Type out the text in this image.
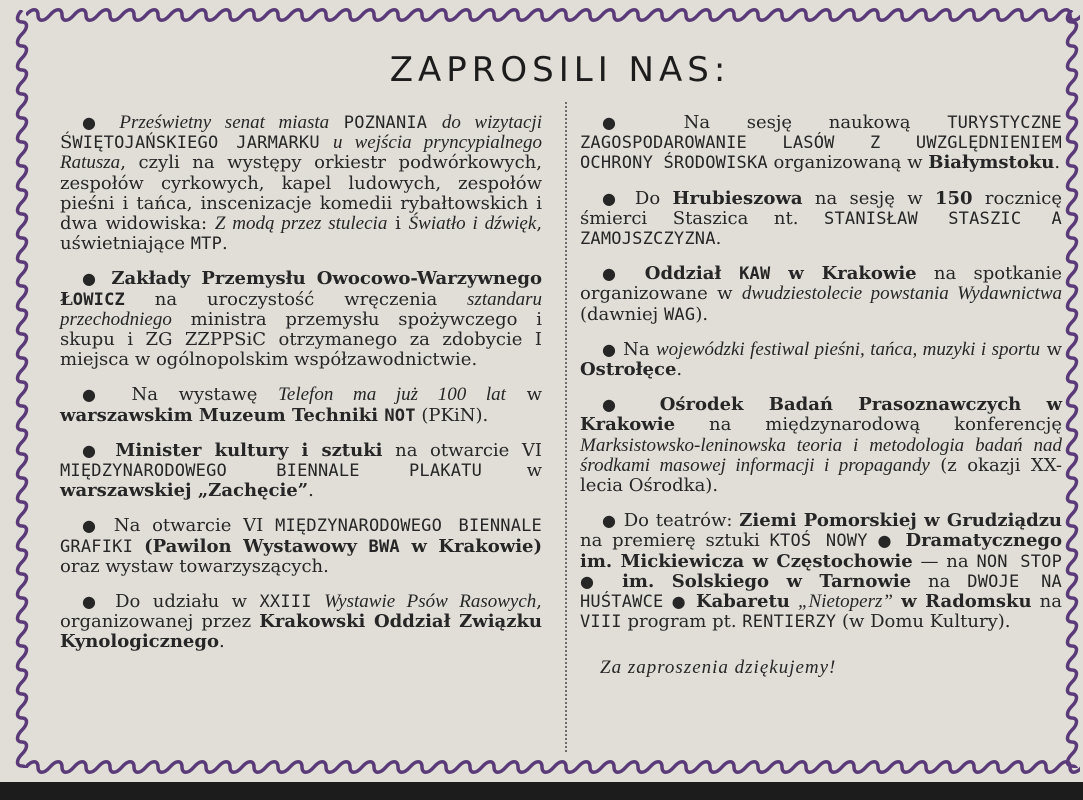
ZAPROSILI NAS:

● Prześwietny senat miasta POZNANIA do wizytacji ŚWIĘTOJAŃSKIEGO JARMARKU u wejścia pryncypialnego Ratusza, czyli na występy orkiestr podwórkowych, zespołów cyrkowych, kapel ludowych, zespołów pieśni i tańca, inscenizacje komedii rybałtowskich i dwa widowiska: Z modą przez stulecia i Światło i dźwięk, uświetniające MTP.

● Zakłady Przemysłu Owocowo-Warzywnego ŁOWICZ na uroczystość wręczenia sztandaru przechodniego ministra przemysłu spożywczego i skupu i ZG ZZPPSiC otrzymanego za zdobycie I miejsca w ogólnopolskim współzawodnictwie.

● Na wystawę Telefon ma już 100 lat w warszawskim Muzeum Techniki NOT (PKiN).

● Minister kultury i sztuki na otwarcie VI MIĘDZYNARODOWEGO BIENNALE PLAKATU w warszawskiej „Zachęcie”.

● Na otwarcie VI MIĘDZYNARODOWEGO BIENNALE GRAFIKI (Pawilon Wystawowy BWA w Krakowie) oraz wystaw towarzyszących.

● Do udziału w XXIII Wystawie Psów Rasowych, organizowanej przez Krakowski Oddział Związku Kynologicznego.

● Na sesję naukową TURYSTYCZNE ZAGOSPODAROWANIE LASÓW Z UWZGLĘDNIENIEM OCHRONY ŚRODOWISKA organizowaną w Białymstoku.

● Do Hrubieszowa na sesję w 150 rocznicę śmierci Staszica nt. STANISŁAW STASZIC A ZAMOJSZCZYZNA.

● Oddział KAW w Krakowie na spotkanie organizowane w dwudziestolecie powstania Wydawnictwa (dawniej WAG).

● Na wojewódzki festiwal pieśni, tańca, muzyki i sportu w Ostrołęce.

● Ośrodek Badań Prasoznawczych w Krakowie na międzynarodową konferencję Marksistowsko-leninowska teoria i metodologia badań nad środkami masowej informacji i propagandy (z okazji XX-lecia Ośrodka).

● Do teatrów: Ziemi Pomorskiej w Grudziądzu na premierę sztuki KTOŚ NOWY ● Dramatycznego im. Mickiewicza w Częstochowie — na NON STOP ● im. Solskiego w Tarnowie na DWOJE NA HUŚTAWCE ● Kabaretu „Nietoperz” w Radomsku na VIII program pt. RENTIERZY (w Domu Kultury).

Za zaproszenia dziękujemy!
